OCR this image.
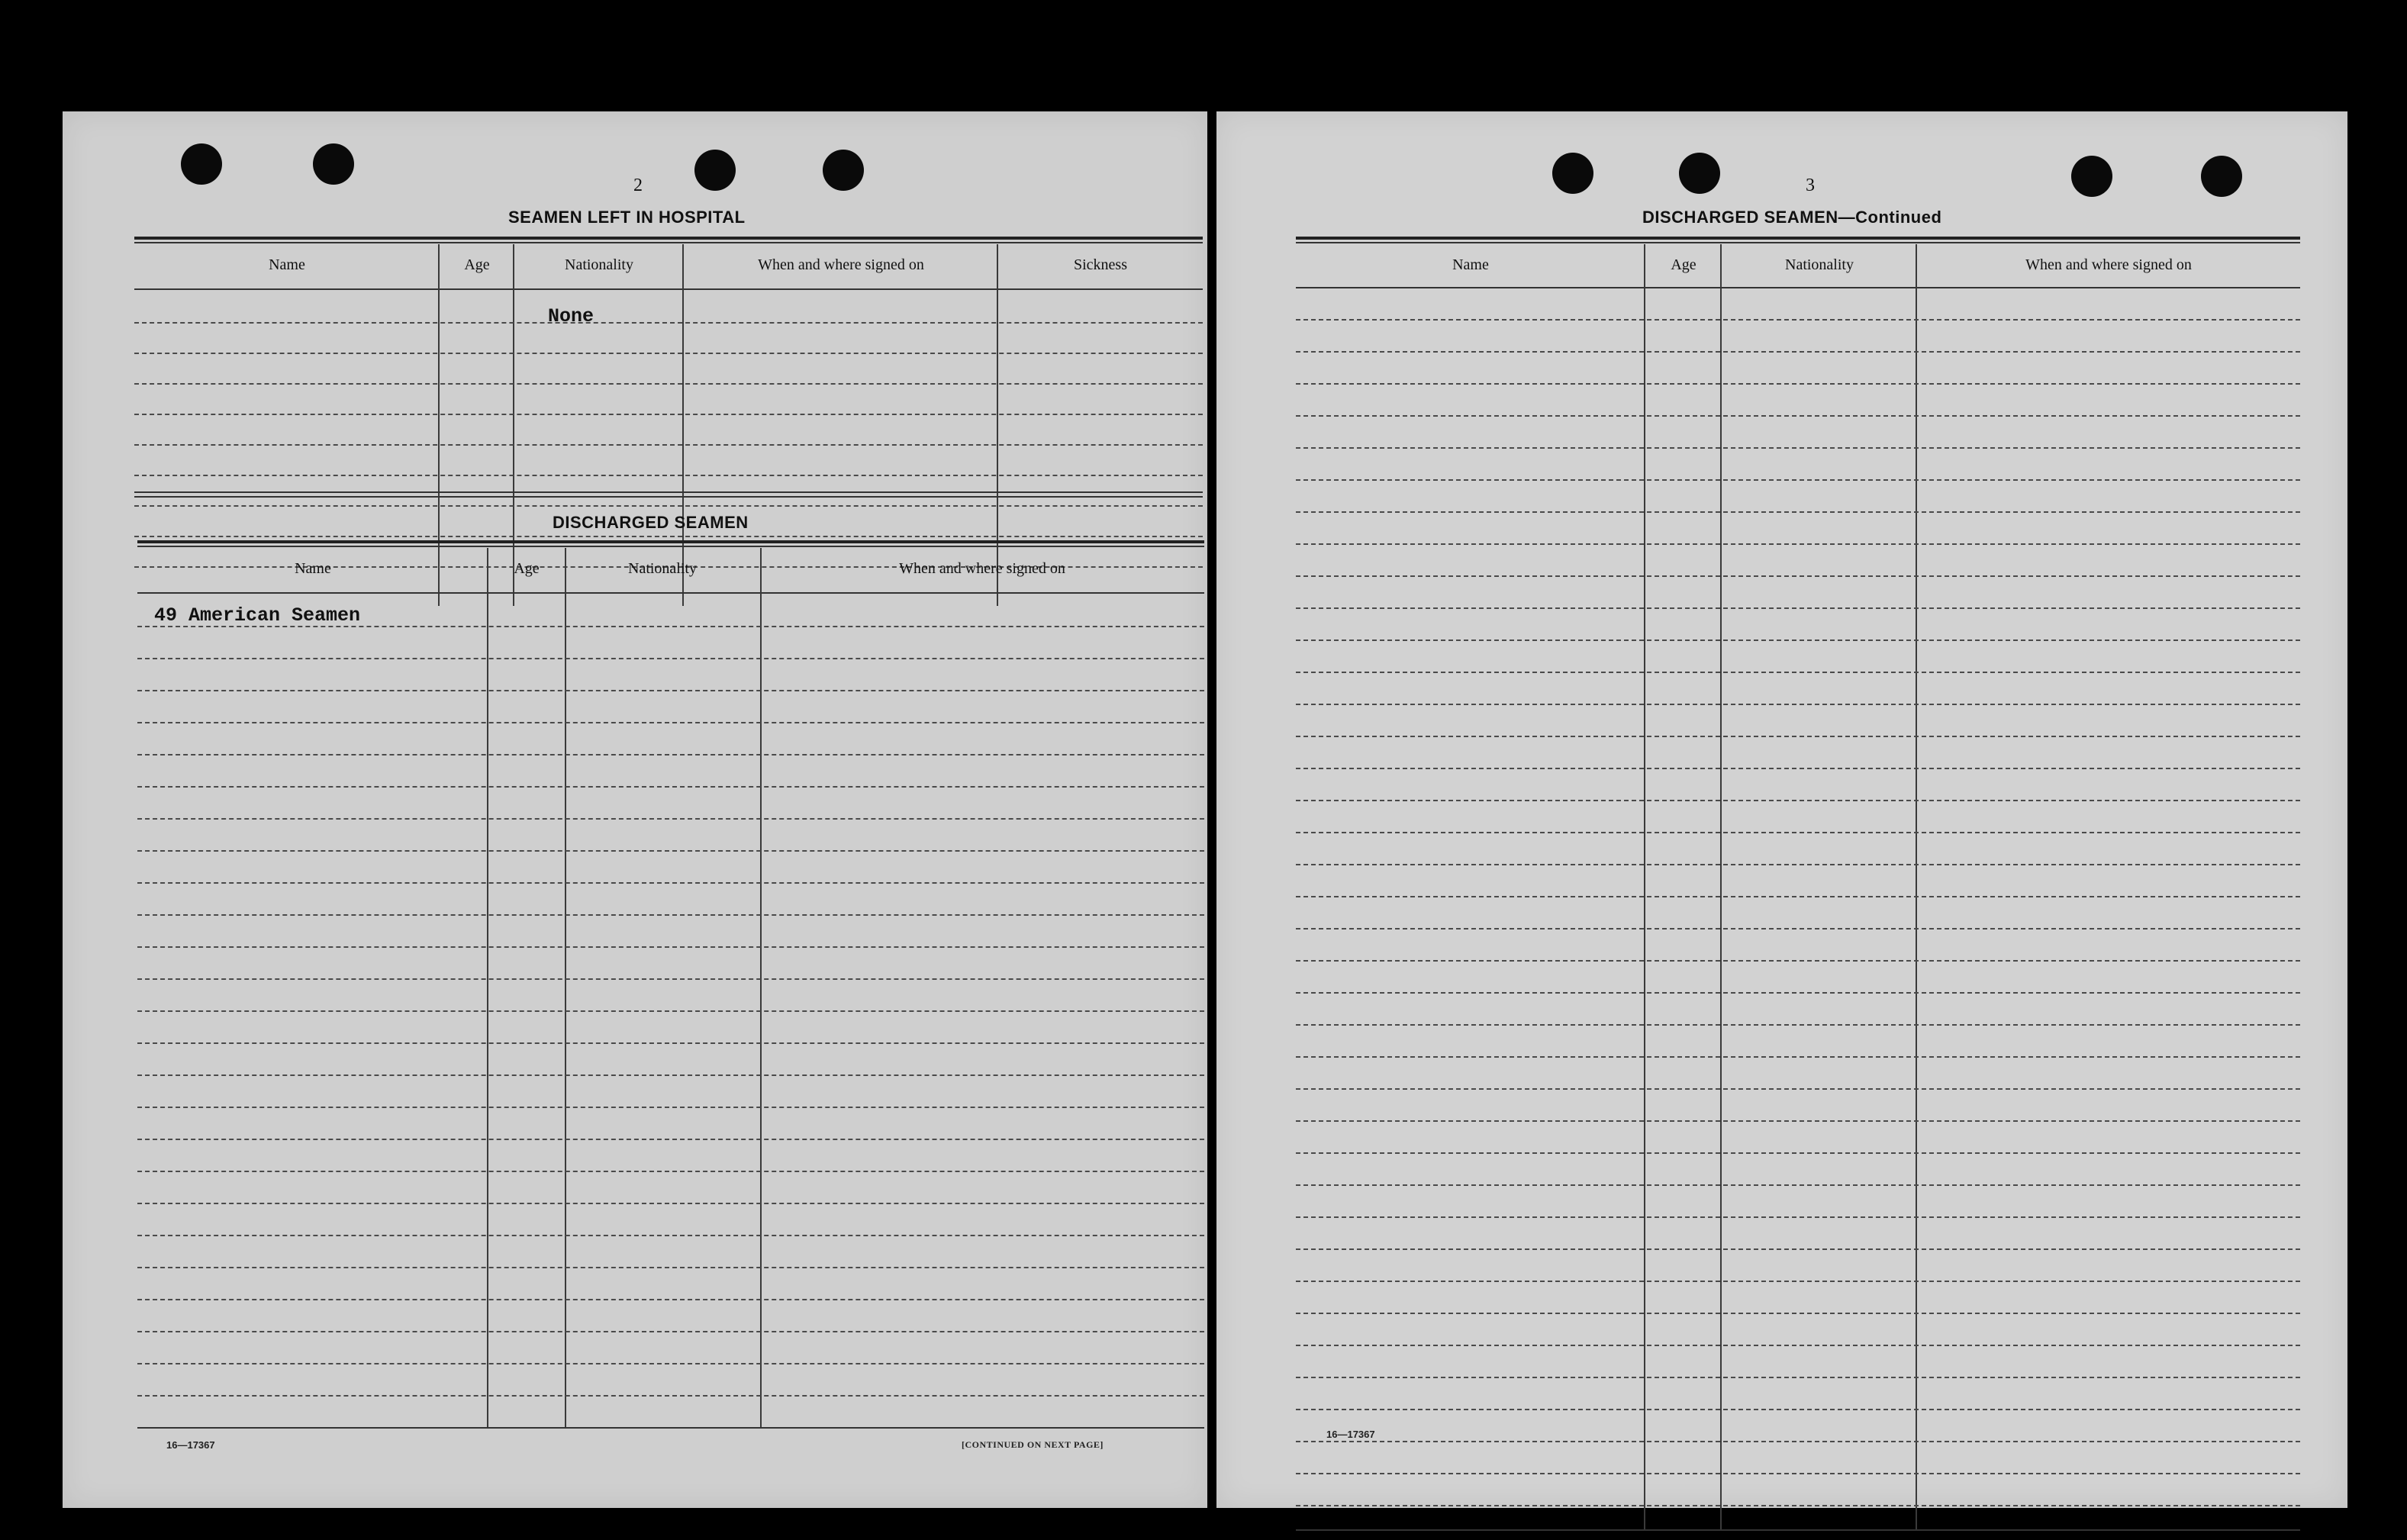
2
SEAMEN LEFT IN HOSPITAL
Name	Age	Nationality	When and where signed on	Sickness
None
DISCHARGED SEAMEN
Name	Age	Nationality	When and where signed on
49 American Seamen
16—17367	[CONTINUED ON NEXT PAGE]
3
DISCHARGED SEAMEN—Continued
Name	Age	Nationality	When and where signed on
16—17367
